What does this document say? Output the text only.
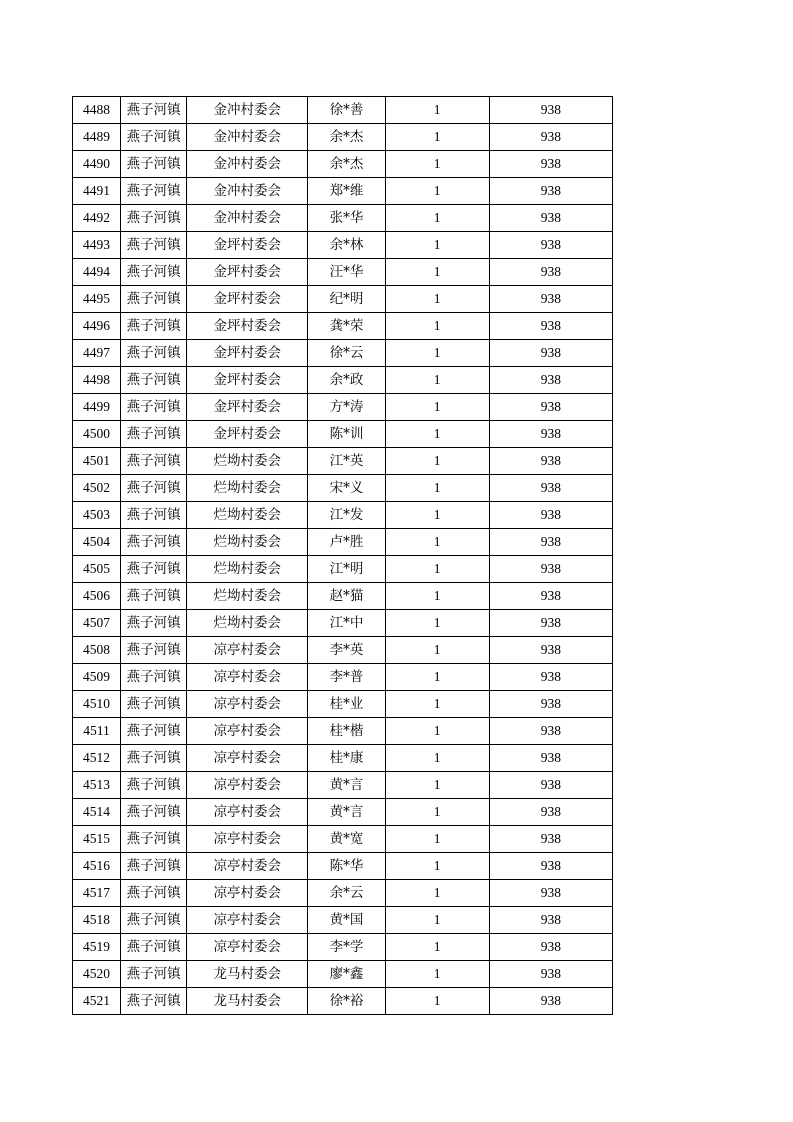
4488	燕子河镇	金冲村委会	徐*善	1	938
4489	燕子河镇	金冲村委会	余*杰	1	938
4490	燕子河镇	金冲村委会	余*杰	1	938
4491	燕子河镇	金冲村委会	郑*维	1	938
4492	燕子河镇	金冲村委会	张*华	1	938
4493	燕子河镇	金坪村委会	余*林	1	938
4494	燕子河镇	金坪村委会	汪*华	1	938
4495	燕子河镇	金坪村委会	纪*明	1	938
4496	燕子河镇	金坪村委会	龚*荣	1	938
4497	燕子河镇	金坪村委会	徐*云	1	938
4498	燕子河镇	金坪村委会	余*政	1	938
4499	燕子河镇	金坪村委会	方*涛	1	938
4500	燕子河镇	金坪村委会	陈*训	1	938
4501	燕子河镇	烂坳村委会	江*英	1	938
4502	燕子河镇	烂坳村委会	宋*义	1	938
4503	燕子河镇	烂坳村委会	江*发	1	938
4504	燕子河镇	烂坳村委会	卢*胜	1	938
4505	燕子河镇	烂坳村委会	江*明	1	938
4506	燕子河镇	烂坳村委会	赵*猫	1	938
4507	燕子河镇	烂坳村委会	江*中	1	938
4508	燕子河镇	凉亭村委会	李*英	1	938
4509	燕子河镇	凉亭村委会	李*普	1	938
4510	燕子河镇	凉亭村委会	桂*业	1	938
4511	燕子河镇	凉亭村委会	桂*楷	1	938
4512	燕子河镇	凉亭村委会	桂*康	1	938
4513	燕子河镇	凉亭村委会	黄*言	1	938
4514	燕子河镇	凉亭村委会	黄*言	1	938
4515	燕子河镇	凉亭村委会	黄*宽	1	938
4516	燕子河镇	凉亭村委会	陈*华	1	938
4517	燕子河镇	凉亭村委会	余*云	1	938
4518	燕子河镇	凉亭村委会	黄*国	1	938
4519	燕子河镇	凉亭村委会	李*学	1	938
4520	燕子河镇	龙马村委会	廖*鑫	1	938
4521	燕子河镇	龙马村委会	徐*裕	1	938
